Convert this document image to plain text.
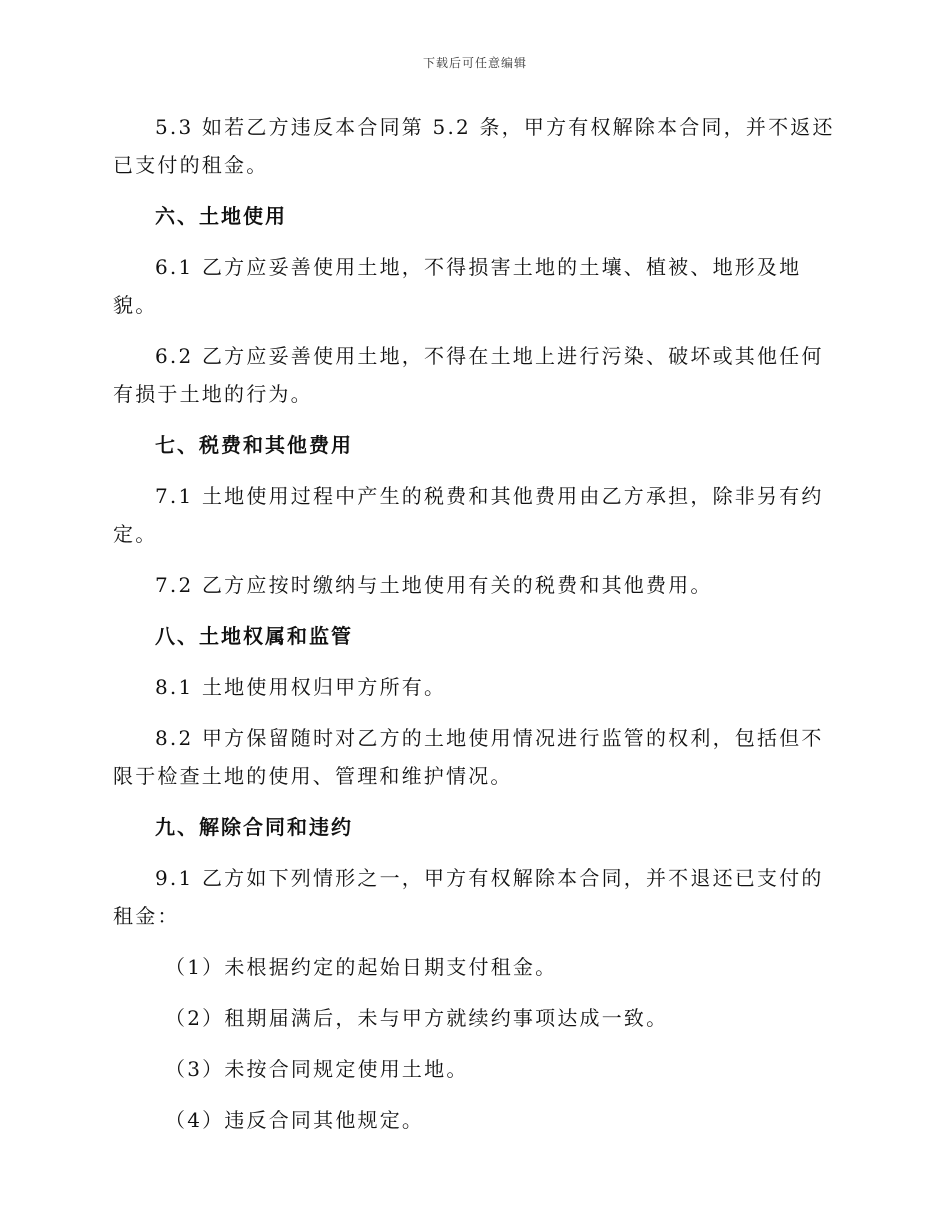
下载后可任意编辑

5.3 如若乙方违反本合同第 5.2 条，甲方有权解除本合同，并不返还已支付的租金。

六、土地使用

6.1 乙方应妥善使用土地，不得损害土地的土壤、植被、地形及地貌。

6.2 乙方应妥善使用土地，不得在土地上进行污染、破坏或其他任何有损于土地的行为。

七、税费和其他费用

7.1 土地使用过程中产生的税费和其他费用由乙方承担，除非另有约定。

7.2 乙方应按时缴纳与土地使用有关的税费和其他费用。

八、土地权属和监管

8.1 土地使用权归甲方所有。

8.2 甲方保留随时对乙方的土地使用情况进行监管的权利，包括但不限于检查土地的使用、管理和维护情况。

九、解除合同和违约

9.1 乙方如下列情形之一，甲方有权解除本合同，并不退还已支付的租金：

（1）未根据约定的起始日期支付租金。

（2）租期届满后，未与甲方就续约事项达成一致。

（3）未按合同规定使用土地。

（4）违反合同其他规定。
